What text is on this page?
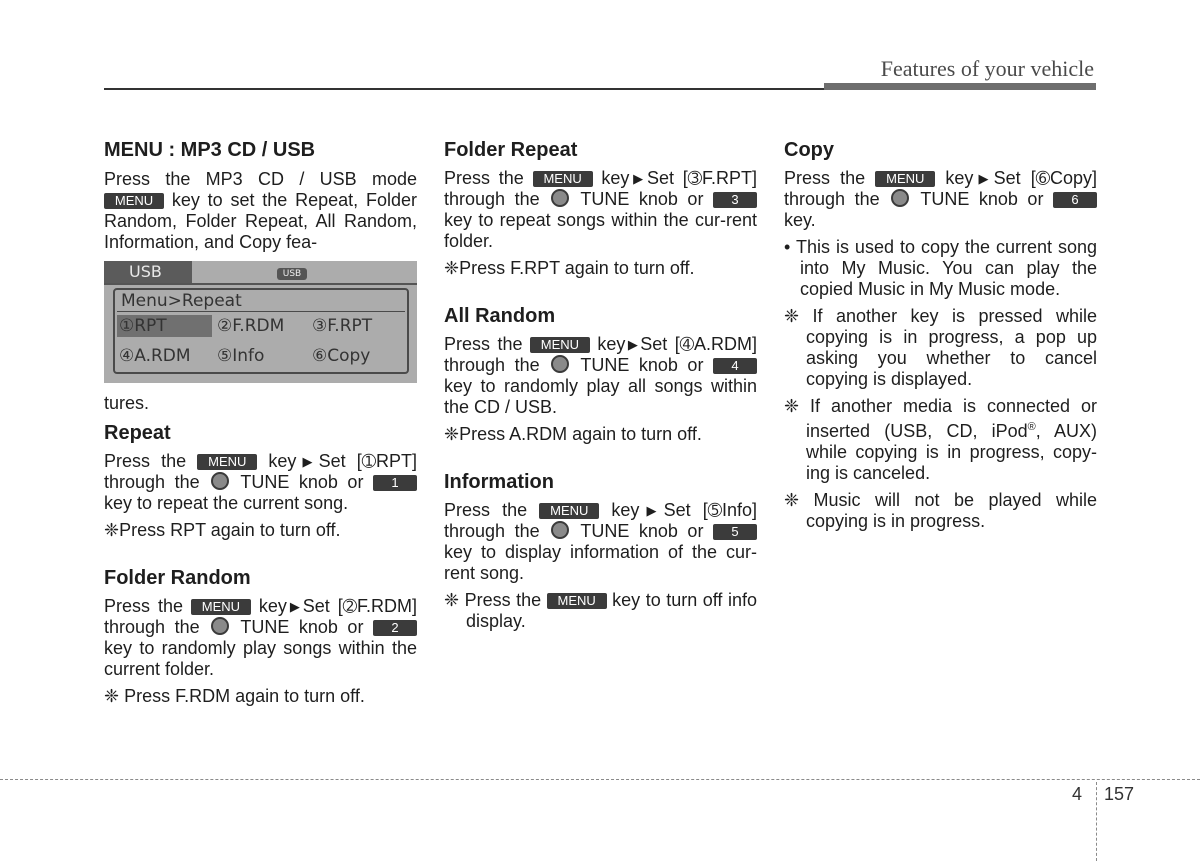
Features of your vehicle
MENU : MP3 CD / USB

Press the MP3 CD / USB mode MENU key to set the Repeat, Folder Random, Folder Repeat, All Random, Information, and Copy fea-

USB	USB
Menu>Repeat
①RPT	②F.RDM ③F.RPT
④A.RDM ⑤Info	⑥Copy

tures.

Repeat

Press the MENU key▶Set [➀RPT] through the TUNE knob or 1 key to repeat the current song.

❈Press RPT again to turn off.

Folder Random

Press the MENU key▶Set [➁F.RDM] through the TUNE knob or 2 key to randomly play songs within the current folder.

❈ Press F.RDM again to turn off.

Folder Repeat

Press the MENU key▶Set [➂F.RPT] through the TUNE knob or 3 key to repeat songs within the cur-rent folder.

❈Press F.RPT again to turn off.

All Random

Press the MENU key▶Set [➃A.RDM] through the TUNE knob or 4 key to randomly play all songs within the CD / USB.

❈Press A.RDM again to turn off.

Information

Press the MENU key▶Set [➄Info] through the TUNE knob or 5 key to display information of the cur-rent song.

❈ Press the MENU key to turn off info display.

Copy

Press the MENU key▶Set [➅Copy] through the TUNE knob or 6 key.

• This is used to copy the current song into My Music. You can play the copied Music in My Music mode.

❈ If another key is pressed while copying is in progress, a pop up asking you whether to cancel copying is displayed.

❈ If another media is connected or inserted (USB, CD, iPod®, AUX) while copying is in progress, copy-ing is canceled.

❈ Music will not be played while copying is in progress.

4 157
